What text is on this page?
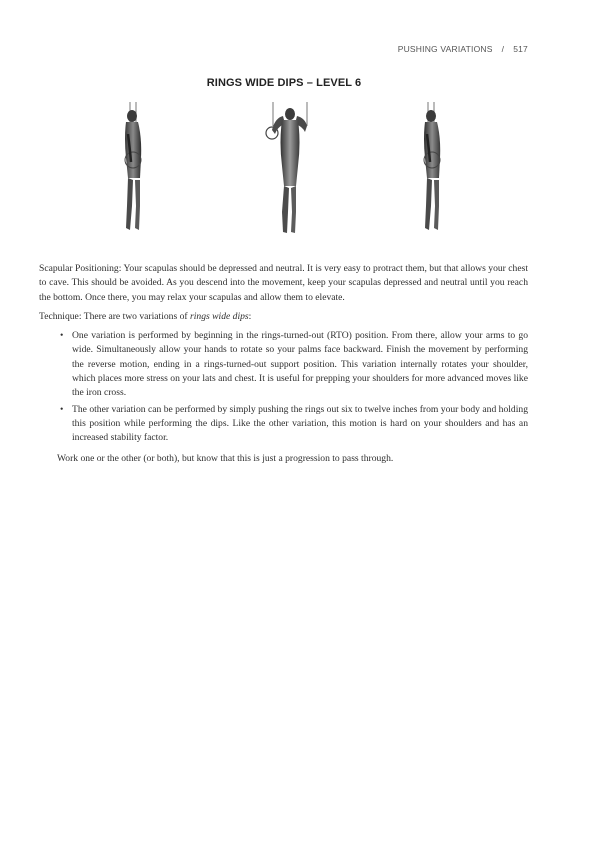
PUSHING VARIATIONS / 517
RINGS WIDE DIPS – LEVEL 6

Scapular Positioning: Your scapulas should be depressed and neutral. It is very easy to protract them, but that allows your chest to cave. This should be avoided. As you descend into the movement, keep your scapulas depressed and neutral until you reach the bottom. Once there, you may relax your scapulas and allow them to elevate.

Technique: There are two variations of rings wide dips:

• One variation is performed by beginning in the rings-turned-out (RTO) position. From there, allow your arms to go wide. Simultaneously allow your hands to rotate so your palms face backward. Finish the movement by performing the reverse motion, ending in a rings-turned-out support position. This variation internally rotates your shoulder, which places more stress on your lats and chest. It is useful for prepping your shoulders for more advanced moves like the iron cross.
• The other variation can be performed by simply pushing the rings out six to twelve inches from your body and holding this position while performing the dips. Like the other variation, this motion is hard on your shoulders and has an increased stability factor.

Work one or the other (or both), but know that this is just a progression to pass through.
